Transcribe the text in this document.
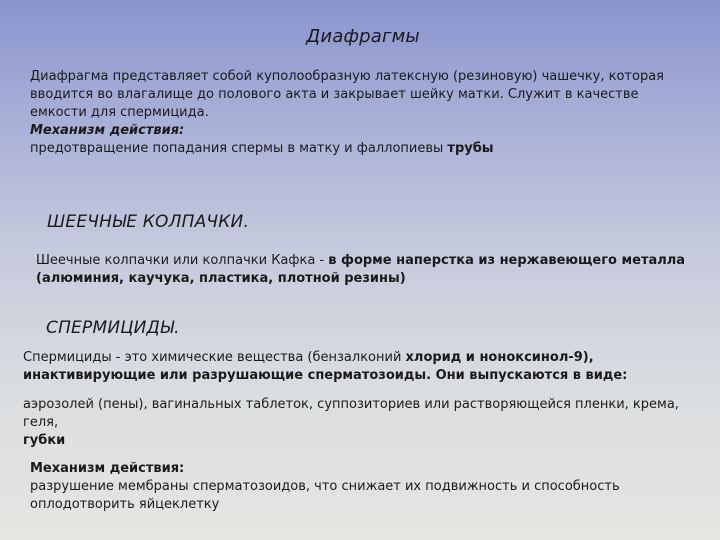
Диафрагмы
Диафрагма представляет собой куполообразную латексную (резиновую) чашечку, которая вводится во влагалище до полового акта и закрывает шейку матки. Служит в качестве емкости для спермицида.
Механизм действия:
предотвращение попадания спермы в матку и фаллопиевы трубы
ШЕЕЧНЫЕ КОЛПАЧКИ.
Шеечные колпачки или колпачки Кафка - в форме наперстка из нержавеющего металла (алюминия, каучука, пластика, плотной резины)
СПЕРМИЦИДЫ.
Спермициды - это химические вещества (бензалконий хлорид и ноноксинол-9), инактивирующие или разрушающие сперматозоиды. Они выпускаются в виде:
аэрозолей (пены), вагинальных таблеток, суппозиториев или растворяющейся пленки, крема, геля,
губки
Механизм действия:
разрушение мембраны сперматозоидов, что снижает их подвижность и способность оплодотворить яйцеклетку
